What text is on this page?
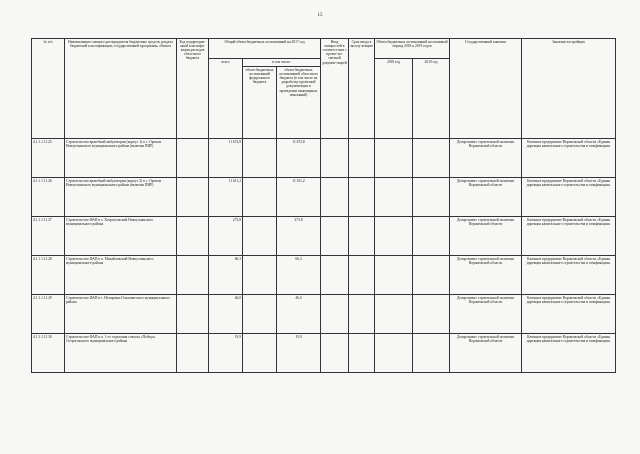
15
№ п/п	Наименование главного распорядителя бюджетных средств, раздела бюджетной классификации, государственной программы, объекта	Код подпрограм-мной классифи-кации расходов областного бюджета	Общий объем бюджетных ассигнований на 2017 год			Ввод мощностей в соответст-вии с проект-но-сметной докумен-тацией	Срок ввода в эксплу-атацию	Объем бюджетных ассигнований на плановый период 2018 и 2019 годов		Государственный заказчик	Заказчик-застройщик
			всего	в том числе:				2018 год	2019 год		
				объем бюджетных ассигнований федерального бюджета	объем бюджетных ассигнований областного бюджета (в том числе на разработку проектной документации и проведение инженерных изысканий)						
4.1.1.1.11.25	Строительство врачебной амбулатории (корпус 1) в с. Оровом Новоусманского муниципального района (включая ПИР)		11 672,8		11 672,8					Департамент строительной политики Воронежской области	Казенное предприятие Воронежской области «Единая дирекция капитального строительства и газификации»
4.1.1.1.11.26	Строительство врачебной амбулатории (корпус 2) в с. Оровом Новоусманского муниципального района (включая ПИР)		11 611,2		11 611,2					Департамент строительной политики Воронежской области	Казенное предприятие Воронежской области «Единая дирекция капитального строительства и газификации»
4.1.1.1.11.27	Строительство ФАП в с. Хохрастовский Новоусманского муниципального района		273,8		273,8					Департамент строительной политики Воронежской области	Казенное предприятие Воронежской области «Единая дирекция капитального строительства и газификации»
4.1.1.1.11.28	Строительство ФАП в п. Михайловский Новоусманского муниципального района		66,3		66,3					Департамент строительной политики Воронежской области	Казенное предприятие Воронежской области «Единая дирекция капитального строительства и газификации»
4.1.1.1.11.29	Строительство ФАП в с. Несвровка Ольховатского муниципального района		46,0		46,0					Департамент строительной политики Воронежской области	Казенное предприятие Воронежской области «Единая дирекция капитального строительства и газификации»
4.1.1.1.11.30	Строительство ФАП в п. 1-го отделения совхоза «Победа» Острогожского муниципального района		19,9		19,9					Департамент строительной политики Воронежской области	Казенное предприятие Воронежской области «Единая дирекция капитального строительства и газификации»
